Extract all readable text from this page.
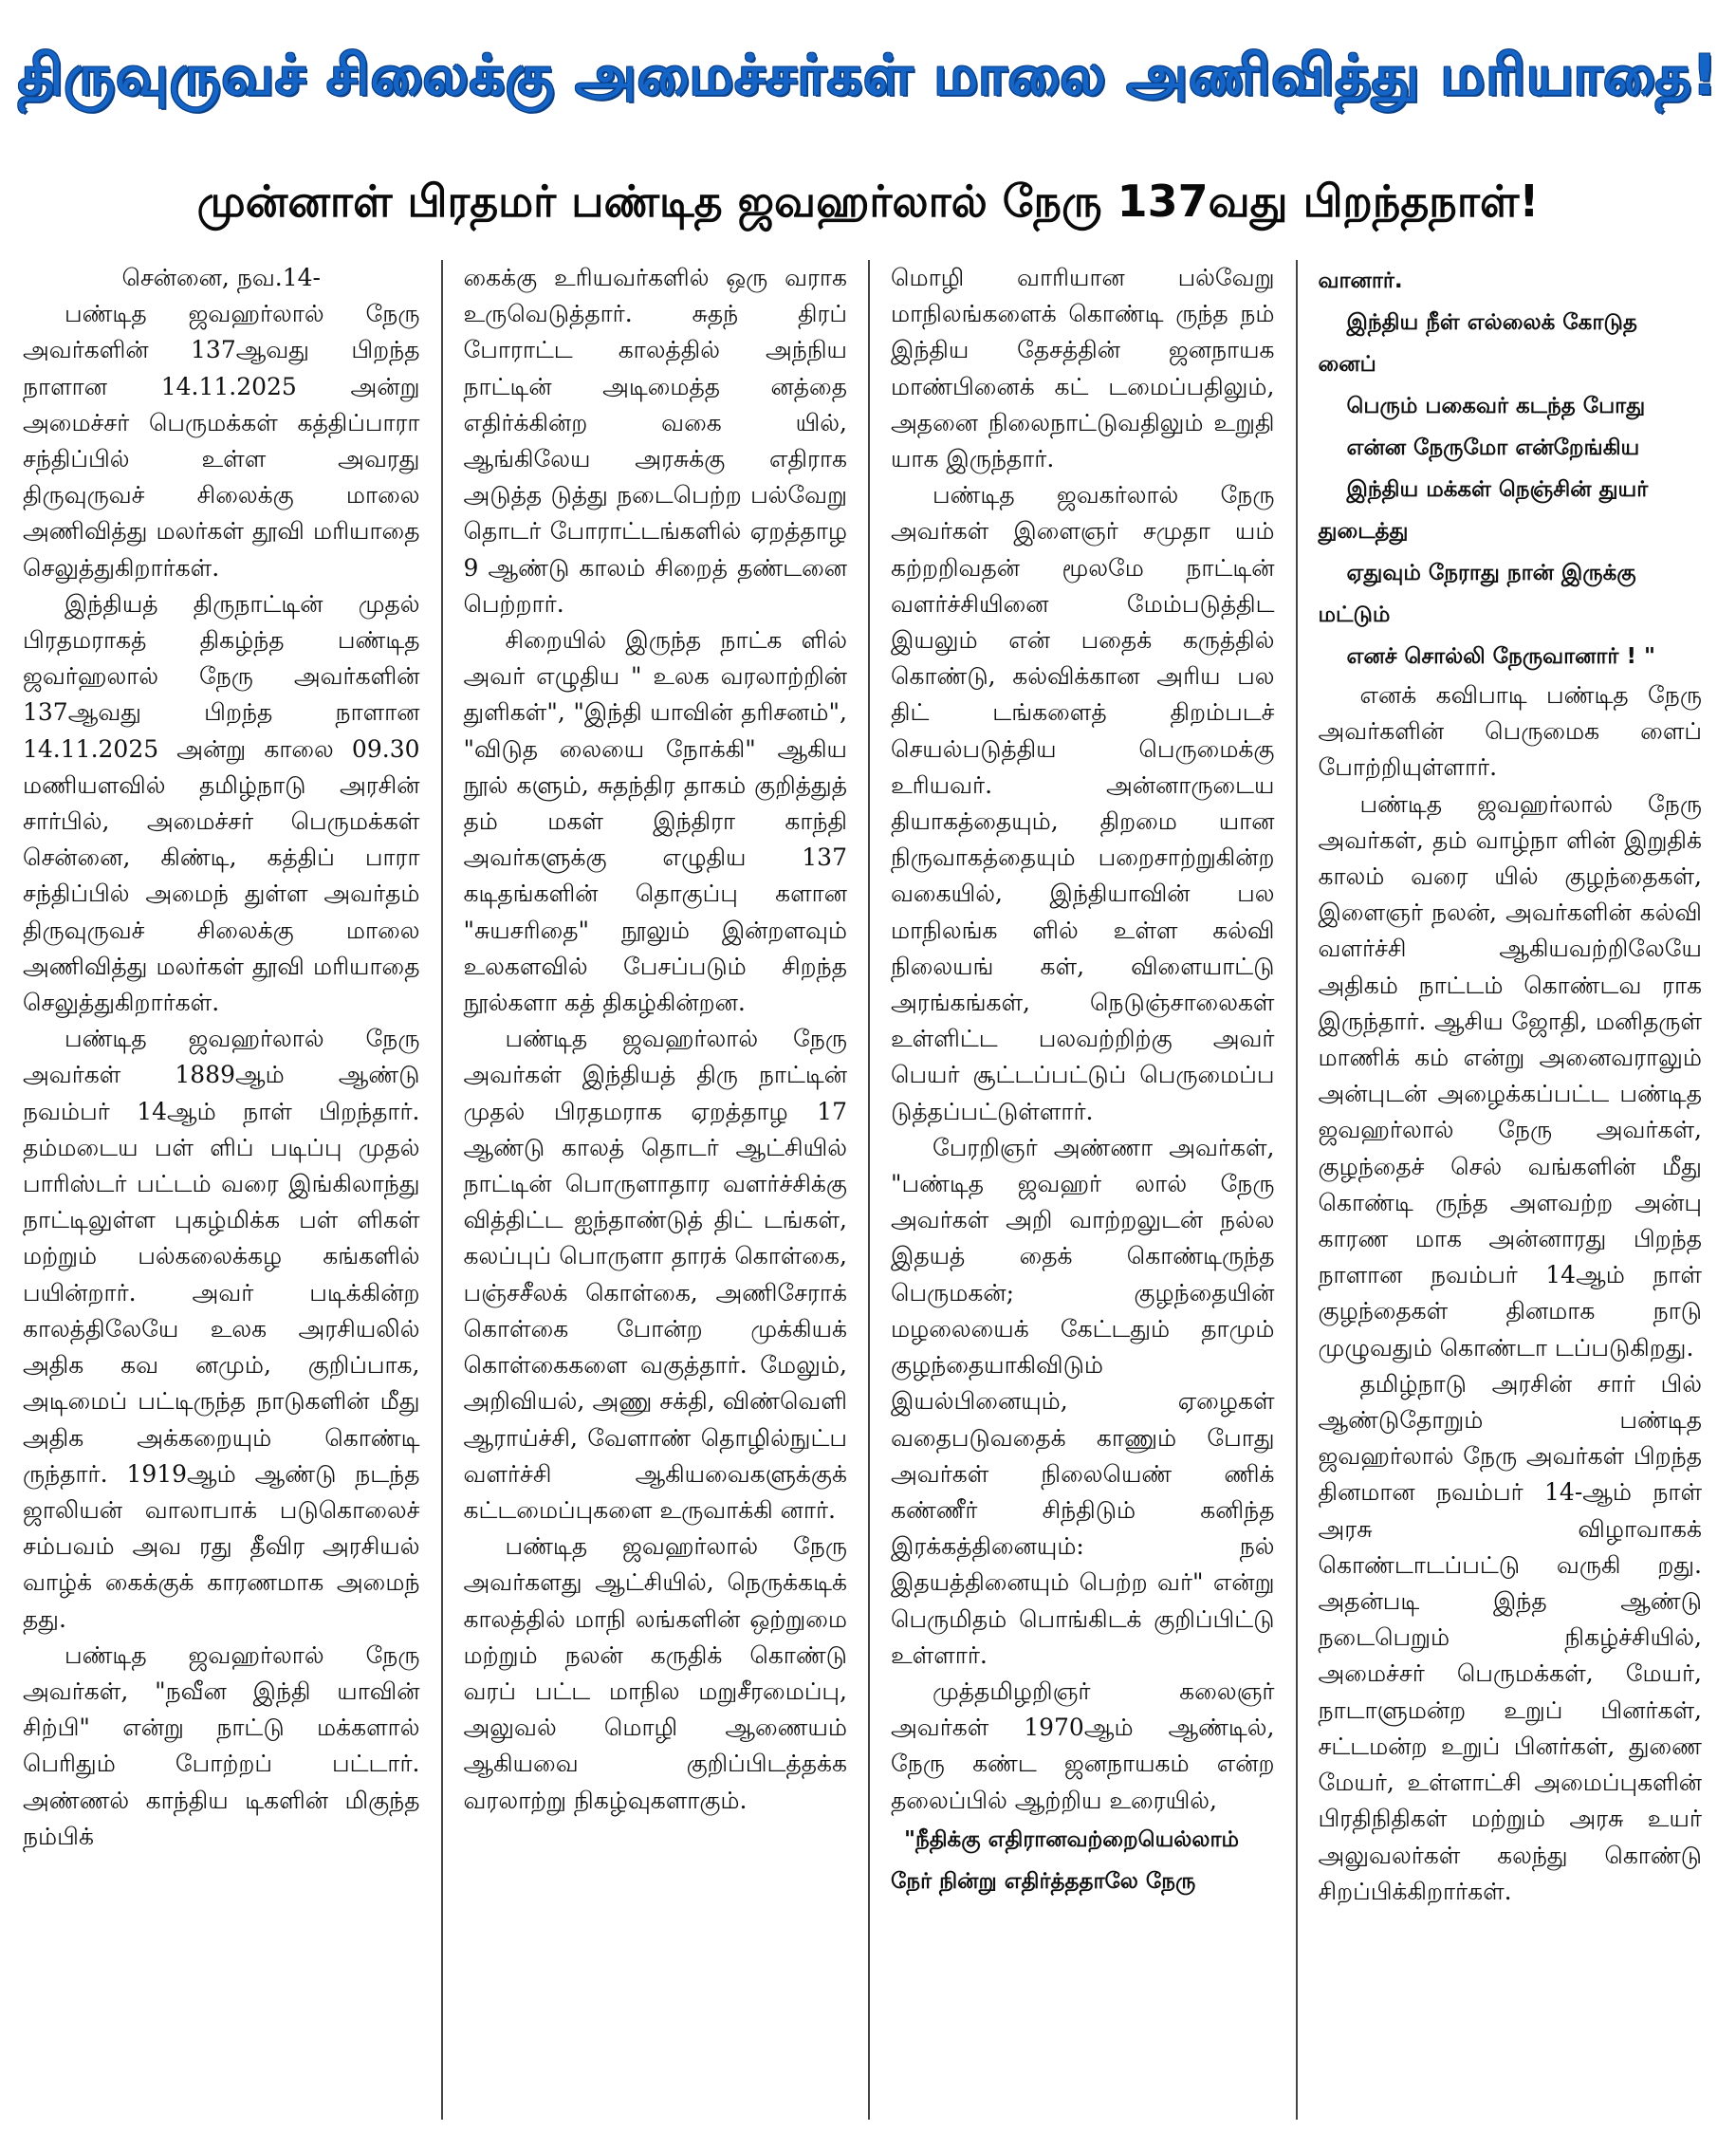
திருவுருவச் சிலைக்கு அமைச்சர்கள் மாலை அணிவித்து மரியாதை!
முன்னாள் பிரதமர் பண்டித ஜவஹர்லால் நேரு 137வது பிறந்தநாள்!

சென்னை, நவ.14-

பண்டித ஜவஹர்லால் நேரு அவர்களின் 137ஆவது பிறந்த நாளான 14.11.2025 அன்று அமைச்சர் பெருமக்கள் கத்திப்பாரா சந்திப்பில் உள்ள அவரது திருவுருவச் சிலைக்கு மாலை அணிவித்து மலர்கள் தூவி மரியாதை செலுத்துகிறார்கள்.

இந்தியத் திருநாட்டின் முதல் பிரதமராகத் திகழ்ந்த பண்டித ஜவர்ஹலால் நேரு அவர்களின் 137ஆவது பிறந்த நாளான 14.11.2025 அன்று காலை 09.30 மணியளவில் தமிழ்நாடு அரசின் சார்பில், அமைச்சர் பெருமக்கள் சென்னை, கிண்டி, கத்திப் பாரா சந்திப்பில் அமைந் துள்ள அவர்தம் திருவுருவச் சிலைக்கு மாலை அணிவித்து மலர்கள் தூவி மரியாதை செலுத்துகிறார்கள்.

பண்டித ஜவஹர்லால் நேரு அவர்கள் 1889ஆம் ஆண்டு நவம்பர் 14ஆம் நாள் பிறந்தார். தம்மடைய பள் ளிப் படிப்பு முதல் பாரிஸ்டர் பட்டம் வரை இங்கிலாந்து நாட்டிலுள்ள புகழ்மிக்க பள் ளிகள் மற்றும் பல்கலைக்கழ கங்களில் பயின்றார். அவர் படிக்கின்ற காலத்திலேயே உலக அரசியலில் அதிக கவ னமும், குறிப்பாக, அடிமைப் பட்டிருந்த நாடுகளின் மீது அதிக அக்கறையும் கொண்டி ருந்தார். 1919ஆம் ஆண்டு நடந்த ஜாலியன் வாலாபாக் படுகொலைச் சம்பவம் அவ ரது தீவிர அரசியல் வாழ்க் கைக்குக் காரணமாக அமைந் தது.

பண்டித ஜவஹர்லால் நேரு அவர்கள், "நவீன இந்தி யாவின் சிற்பி" என்று நாட்டு மக்களால் பெரிதும் போற்றப் பட்டார். அண்ணல் காந்திய டிகளின் மிகுந்த நம்பிக்

கைக்கு உரியவர்களில் ஒரு வராக உருவெடுத்தார். சுதந் திரப் போராட்ட காலத்தில் அந்நிய நாட்டின் அடிமைத்த னத்தை எதிர்க்கின்ற வகை யில், ஆங்கிலேய அரசுக்கு எதிராக அடுத்த டுத்து நடைபெற்ற பல்வேறு தொடர் போராட்டங்களில் ஏறத்தாழ 9 ஆண்டு காலம் சிறைத் தண்டனை பெற்றார்.

சிறையில் இருந்த நாட்க ளில் அவர் எழுதிய " உலக வரலாற்றின் துளிகள்", "இந்தி யாவின் தரிசனம்", "விடுத லையை நோக்கி" ஆகிய நூல் களும், சுதந்திர தாகம் குறித்துத் தம் மகள் இந்திரா காந்தி அவர்களுக்கு எழுதிய 137 கடிதங்களின் தொகுப்பு களான "சுயசரிதை" நூலும் இன்றளவும் உலகளவில் பேசப்படும் சிறந்த நூல்களா கத் திகழ்கின்றன.

பண்டித ஜவஹர்லால் நேரு அவர்கள் இந்தியத் திரு நாட்டின் முதல் பிரதமராக ஏறத்தாழ 17 ஆண்டு காலத் தொடர் ஆட்சியில் நாட்டின் பொருளாதார வளர்ச்சிக்கு வித்திட்ட ஐந்தாண்டுத் திட் டங்கள், கலப்புப் பொருளா தாரக் கொள்கை, பஞ்சசீலக் கொள்கை, அணிசேராக் கொள்கை போன்ற முக்கியக் கொள்கைகளை வகுத்தார். மேலும், அறிவியல், அணு சக்தி, விண்வெளி ஆராய்ச்சி, வேளாண் தொழில்நுட்ப வளர்ச்சி ஆகியவைகளுக்குக் கட்டமைப்புகளை உருவாக்கி னார்.

பண்டித ஜவஹர்லால் நேரு அவர்களது ஆட்சியில், நெருக்கடிக் காலத்தில் மாநி லங்களின் ஒற்றுமை மற்றும் நலன் கருதிக் கொண்டு வரப் பட்ட மாநில மறுசீரமைப்பு, அலுவல் மொழி ஆணையம் ஆகியவை குறிப்பிடத்தக்க வரலாற்று நிகழ்வுகளாகும்.

மொழி வாரியான பல்வேறு மாநிலங்களைக் கொண்டி ருந்த நம் இந்திய தேசத்தின் ஜனநாயக மாண்பினைக் கட் டமைப்பதிலும், அதனை நிலைநாட்டுவதிலும் உறுதி யாக இருந்தார்.

பண்டித ஜவகர்லால் நேரு அவர்கள் இளைஞர் சமுதா யம் கற்றறிவதன் மூலமே நாட்டின் வளர்ச்சியினை மேம்படுத்திட இயலும் என் பதைக் கருத்தில் கொண்டு, கல்விக்கான அரிய பல திட் டங்களைத் திறம்படச் செயல்படுத்திய பெருமைக்கு உரியவர். அன்னாருடைய தியாகத்தையும், திறமை யான நிருவாகத்தையும் பறைசாற்றுகின்ற வகையில், இந்தியாவின் பல மாநிலங்க ளில் உள்ள கல்வி நிலையங் கள், விளையாட்டு அரங்கங்கள், நெடுஞ்சாலைகள் உள்ளிட்ட பலவற்றிற்கு அவர் பெயர் சூட்டப்பட்டுப் பெருமைப்ப டுத்தப்பட்டுள்ளார்.

பேரறிஞர் அண்ணா அவர்கள், "பண்டித ஜவஹர் லால் நேரு அவர்கள் அறி வாற்றலுடன் நல்ல இதயத் தைக் கொண்டிருந்த பெருமகன்; குழந்தையின் மழலையைக் கேட்டதும் தாமும் குழந்தையாகிவிடும் இயல்பினையும், ஏழைகள் வதைபடுவதைக் காணும் போது அவர்கள் நிலையெண் ணிக் கண்ணீர் சிந்திடும் கனிந்த இரக்கத்தினையும்: நல் இதயத்தினையும் பெற்ற வர்" என்று பெருமிதம் பொங்கிடக் குறிப்பிட்டு உள்ளார்.

முத்தமிழறிஞர் கலைஞர் அவர்கள் 1970ஆம் ஆண்டில், நேரு கண்ட ஜனநாயகம் என்ற தலைப்பில் ஆற்றிய உரையில்,

"நீதிக்கு எதிரானவற்றையெல்லாம் நேர் நின்று எதிர்த்ததாலே நேரு

வானார்.

இந்திய நீள் எல்லைக் கோடுத னைப்

பெரும் பகைவர் கடந்த போது

என்ன நேருமோ என்றேங்கிய

இந்திய மக்கள் நெஞ்சின் துயர் துடைத்து

ஏதுவும் நேராது நான் இருக்கு மட்டும்

எனச் சொல்லி நேருவானார் ! "

எனக் கவிபாடி பண்டித நேரு அவர்களின் பெருமைக ளைப் போற்றியுள்ளார்.

பண்டித ஜவஹர்லால் நேரு அவர்கள், தம் வாழ்நா ளின் இறுதிக் காலம் வரை யில் குழந்தைகள், இளைஞர் நலன், அவர்களின் கல்வி வளர்ச்சி ஆகியவற்றிலேயே அதிகம் நாட்டம் கொண்டவ ராக இருந்தார். ஆசிய ஜோதி, மனிதருள் மாணிக் கம் என்று அனைவராலும் அன்புடன் அழைக்கப்பட்ட பண்டித ஜவஹர்லால் நேரு அவர்கள், குழந்தைச் செல் வங்களின் மீது கொண்டி ருந்த அளவற்ற அன்பு காரண மாக அன்னாரது பிறந்த நாளான நவம்பர் 14ஆம் நாள் குழந்தைகள் தினமாக நாடு முழுவதும் கொண்டா டப்படுகிறது.

தமிழ்நாடு அரசின் சார் பில் ஆண்டுதோறும் பண்டித ஜவஹர்லால் நேரு அவர்கள் பிறந்த தினமான நவம்பர் 14-ஆம் நாள் அரசு விழாவாகக் கொண்டாடப்பட்டு வருகி றது. அதன்படி இந்த ஆண்டு நடைபெறும் நிகழ்ச்சியில், அமைச்சர் பெருமக்கள், மேயர், நாடாளுமன்ற உறுப் பினர்கள், சட்டமன்ற உறுப் பினர்கள், துணை மேயர், உள்ளாட்சி அமைப்புகளின் பிரதிநிதிகள் மற்றும் அரசு உயர் அலுவலர்கள் கலந்து கொண்டு சிறப்பிக்கிறார்கள்.
